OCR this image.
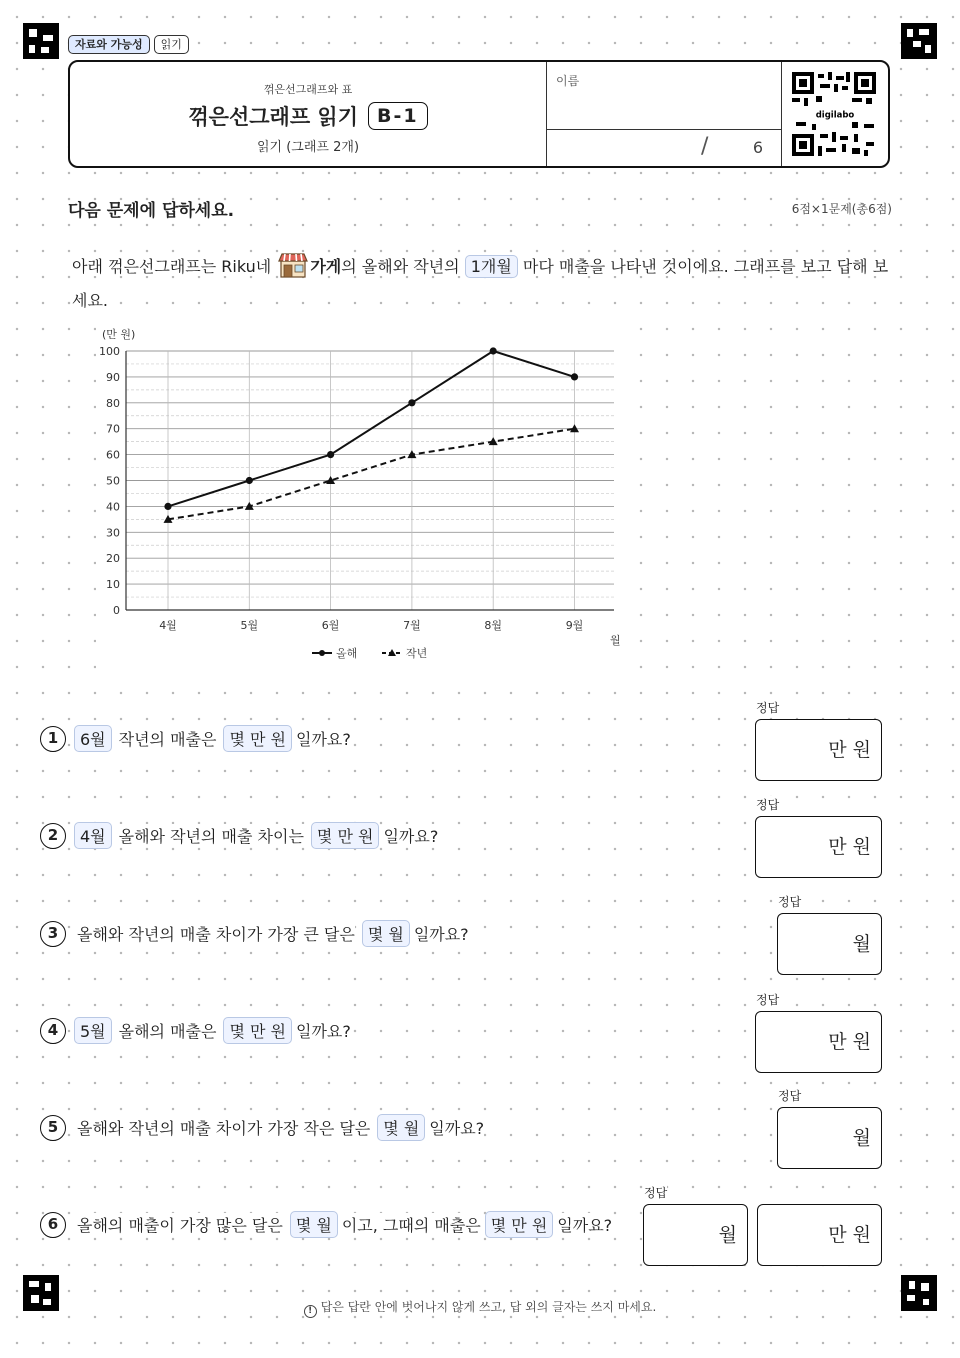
자료와 가능성	읽기
꺾은선그래프와 표
꺾은선그래프 읽기	B-1
읽기 (그래프 2개)
이름
/	6
digilabo
다음 문제에 답하세요.	6점×1문제(총6점)
아래 꺾은선그래프는 Riku네 가게의 올해와 작년의 1개월 마다 매출을 나타낸 것이에요. 그래프를 보고 답해 보세요.
0
10
20
30
40
50
60
70
80
90
100
4월	5월	6월	7월	8월	9월
(만 원)
월
올해	작년
1	6월 작년의 매출은 몇 만 원 일까요?
정답
만 원
2	4월 올해와 작년의 매출 차이는 몇 만 원 일까요?
정답
만 원
3	올해와 작년의 매출 차이가 가장 큰 달은 몇 월 일까요?
정답
월
4	5월 올해의 매출은 몇 만 원 일까요?
정답
만 원
5	올해와 작년의 매출 차이가 가장 작은 달은 몇 월 일까요?
정답
월
6	올해의 매출이 가장 많은 달은 몇 월 이고, 그때의 매출은 몇 만 원 일까요?
정답
월	만 원
! 답은 답란 안에 벗어나지 않게 쓰고, 답 외의 글자는 쓰지 마세요.
